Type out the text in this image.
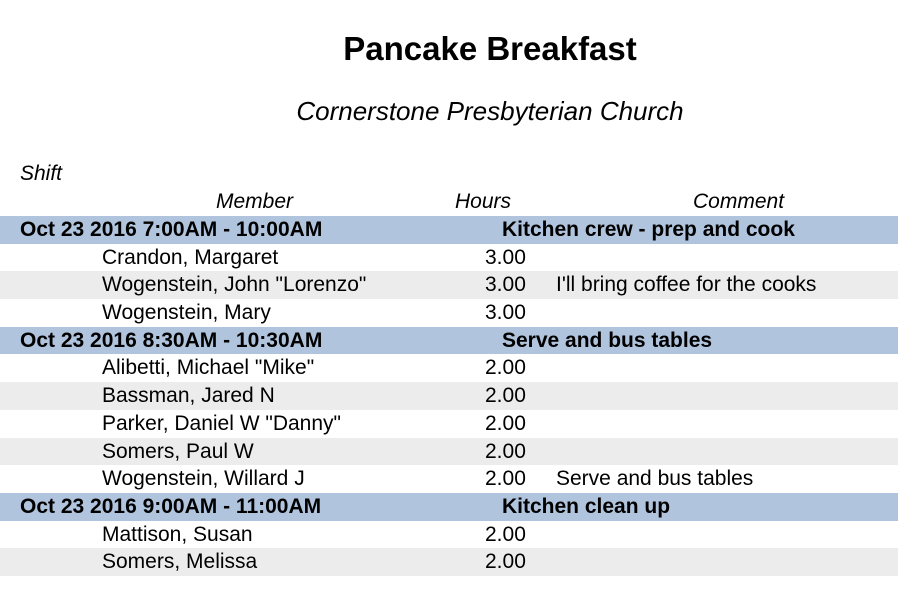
Pancake Breakfast
Cornerstone Presbyterian Church
Shift
Member	Hours	Comment
Oct 23 2016 7:00AM - 10:00AM	Kitchen crew - prep and cook
Crandon, Margaret	3.00
Wogenstein, John "Lorenzo"	3.00 I'll bring coffee for the cooks
Wogenstein, Mary	3.00
Oct 23 2016 8:30AM - 10:30AM	Serve and bus tables
Alibetti, Michael "Mike"	2.00
Bassman, Jared N	2.00
Parker, Daniel W "Danny"	2.00
Somers, Paul W	2.00
Wogenstein, Willard J	2.00 Serve and bus tables
Oct 23 2016 9:00AM - 11:00AM	Kitchen clean up
Mattison, Susan	2.00
Somers, Melissa	2.00
